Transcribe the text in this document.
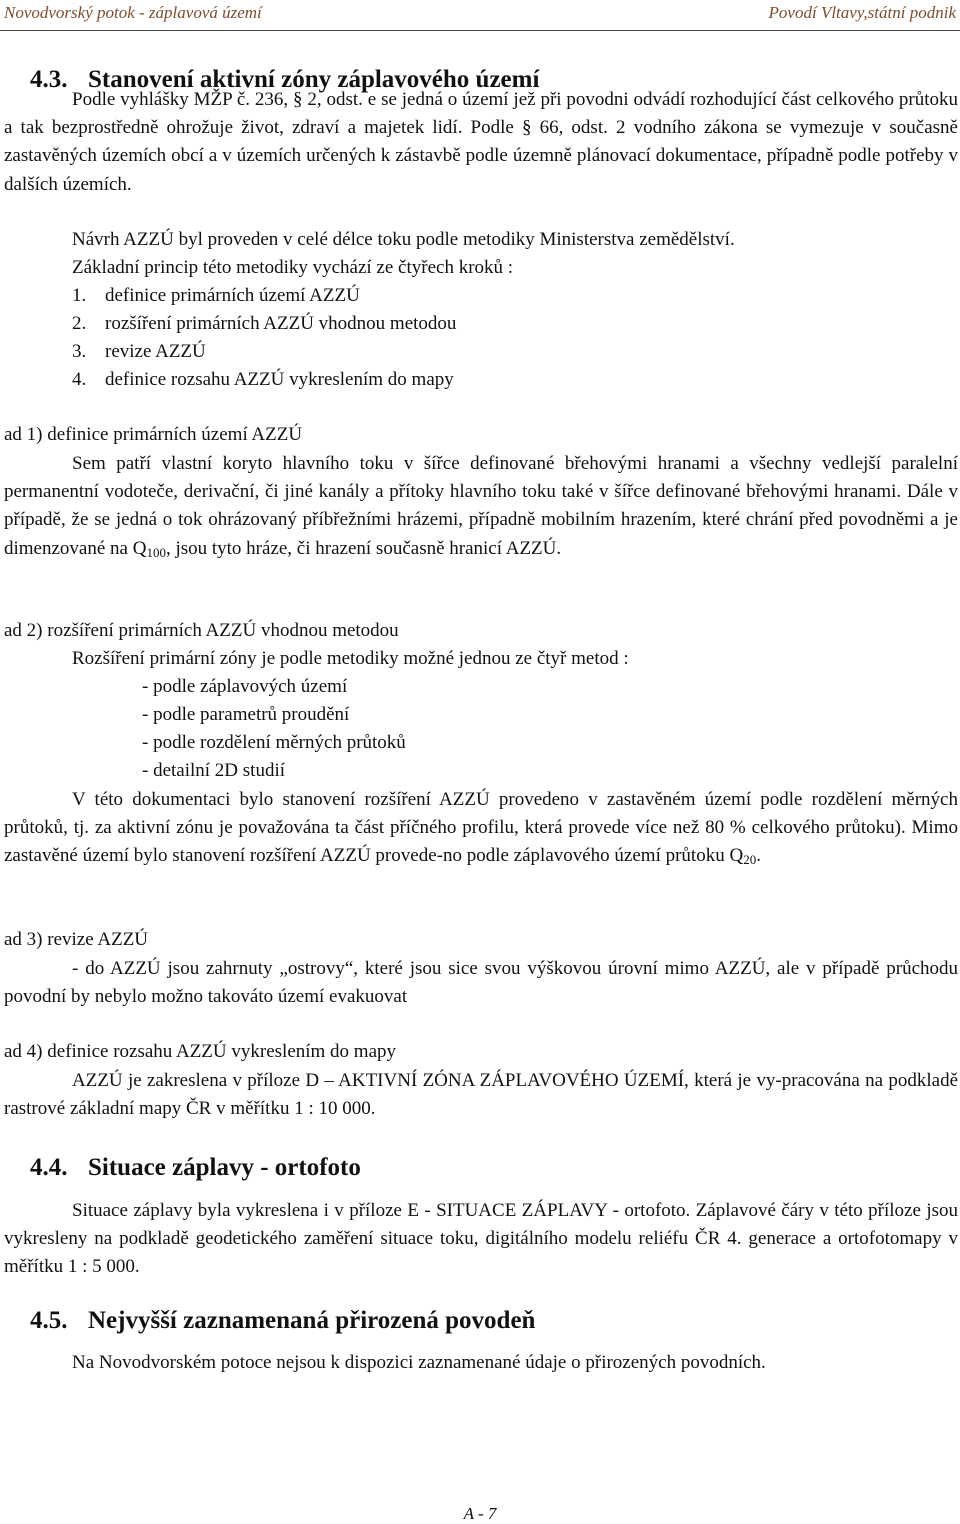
Novodvorský potok - záplavová území	Povodí Vltavy,státní podnik
4.3. Stanovení aktivní zóny záplavového území

Podle vyhlášky MŽP č. 236, § 2, odst. e se jedná o území jež při povodni odvádí rozhodující část celkového průtoku a tak bezprostředně ohrožuje život, zdraví a majetek lidí. Podle § 66, odst. 2 vodního zákona se vymezuje v současně zastavěných územích obcí a v územích určených k zástavbě podle územně plánovací dokumentace, případně podle potřeby v dalších územích.

Návrh AZZÚ byl proveden v celé délce toku podle metodiky Ministerstva zemědělství.

Základní princip této metodiky vychází ze čtyřech kroků :

1. definice primárních území AZZÚ
2. rozšíření primárních AZZÚ vhodnou metodou
3. revize AZZÚ
4. definice rozsahu AZZÚ vykreslením do mapy

ad 1) definice primárních území AZZÚ

Sem patří vlastní koryto hlavního toku v šířce definované břehovými hranami a všechny vedlejší paralelní permanentní vodoteče, derivační, či jiné kanály a přítoky hlavního toku také v šířce definované břehovými hranami. Dále v případě, že se jedná o tok ohrázovaný příbřežními hrázemi, případně mobilním hrazením, které chrání před povodněmi a je dimenzované na $Q_{100}$, jsou tyto hráze, či hrazení současně hranicí AZZÚ.

ad 2) rozšíření primárních AZZÚ vhodnou metodou

Rozšíření primární zóny je podle metodiky možné jednou ze čtyř metod :

- podle záplavových území

- podle parametrů proudění

- podle rozdělení měrných průtoků

- detailní 2D studií

V této dokumentaci bylo stanovení rozšíření AZZÚ provedeno v zastavěném území podle rozdělení měrných průtoků, tj. za aktivní zónu je považována ta část příčného profilu, která provede více než 80 % celkového průtoku). Mimo zastavěné území bylo stanovení rozšíření AZZÚ provede-no podle záplavového území průtoku $Q_{20}$.

ad 3) revize AZZÚ

- do AZZÚ jsou zahrnuty „ostrovy“, které jsou sice svou výškovou úrovní mimo AZZÚ, ale v případě průchodu povodní by nebylo možno takováto území evakuovat

ad 4) definice rozsahu AZZÚ vykreslením do mapy

AZZÚ je zakreslena v příloze D – AKTIVNÍ ZÓNA ZÁPLAVOVÉHO ÚZEMÍ, která je vy-pracována na podkladě rastrové základní mapy ČR v měřítku 1 : 10 000.

4.4. Situace záplavy - ortofoto

Situace záplavy byla vykreslena i v příloze E - SITUACE ZÁPLAVY - ortofoto. Záplavové čáry v této příloze jsou vykresleny na podkladě geodetického zaměření situace toku, digitálního modelu reliéfu ČR 4. generace a ortofotomapy v měřítku 1 : 5 000.

4.5. Nejvyšší zaznamenaná přirozená povodeň

Na Novodvorském potoce nejsou k dispozici zaznamenané údaje o přirozených povodních.

A - 7
